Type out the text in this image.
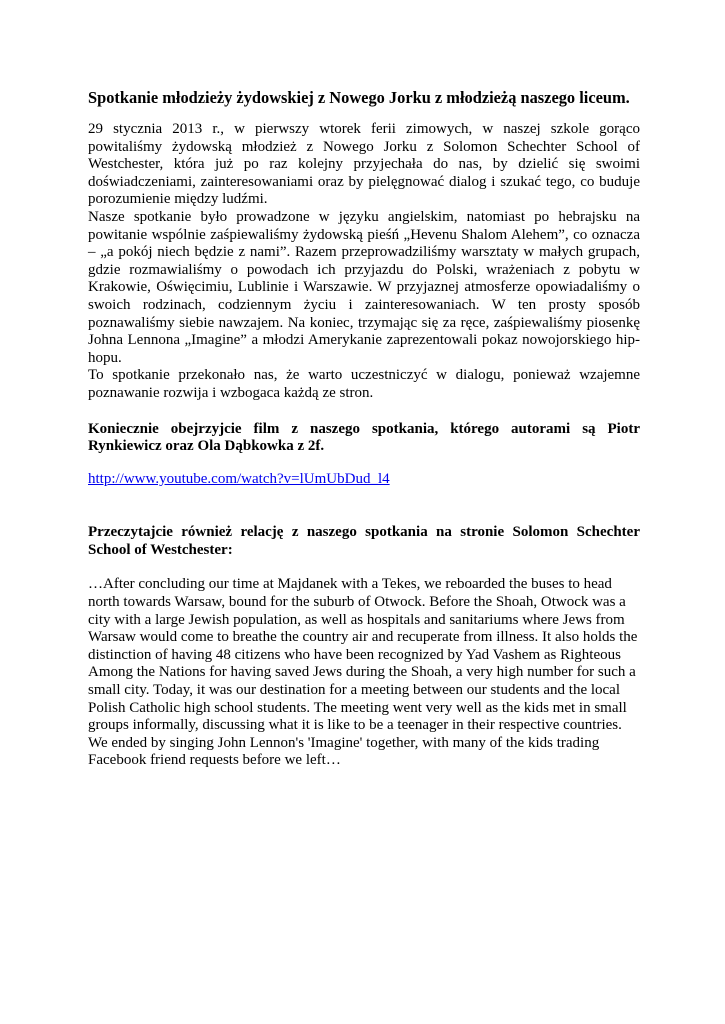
Spotkanie młodzieży żydowskiej z Nowego Jorku z młodzieżą naszego liceum.

29 stycznia 2013 r., w pierwszy wtorek ferii zimowych, w naszej szkole gorąco powitaliśmy żydowską młodzież z Nowego Jorku z Solomon Schechter School of Westchester, która już po raz kolejny przyjechała do nas, by dzielić się swoimi doświadczeniami, zainteresowaniami oraz by pielęgnować dialog i szukać tego, co buduje porozumienie między ludźmi.

Nasze spotkanie było prowadzone w języku angielskim, natomiast po hebrajsku na powitanie wspólnie zaśpiewaliśmy żydowską pieśń „Hevenu Shalom Alehem”, co oznacza – „a pokój niech będzie z nami”. Razem przeprowadziliśmy warsztaty w małych grupach, gdzie rozmawialiśmy o powodach ich przyjazdu do Polski, wrażeniach z pobytu w Krakowie, Oświęcimiu, Lublinie i Warszawie. W przyjaznej atmosferze opowiadaliśmy o swoich rodzinach, codziennym życiu i zainteresowaniach. W ten prosty sposób poznawaliśmy siebie nawzajem. Na koniec, trzymając się za ręce, zaśpiewaliśmy piosenkę Johna Lennona „Imagine” a młodzi Amerykanie zaprezentowali pokaz nowojorskiego hip-hopu.

To spotkanie przekonało nas, że warto uczestniczyć w dialogu, ponieważ wzajemne poznawanie rozwija i wzbogaca każdą ze stron.

Koniecznie obejrzyjcie film z naszego spotkania, którego autorami są Piotr Rynkiewicz oraz Ola Dąbkowka z 2f.

http://www.youtube.com/watch?v=lUmUbDud_l4

Przeczytajcie również relację z naszego spotkania na stronie Solomon Schechter School of Westchester:

…After concluding our time at Majdanek with a Tekes, we reboarded the buses to head north towards Warsaw, bound for the suburb of Otwock. Before the Shoah, Otwock was a city with a large Jewish population, as well as hospitals and sanitariums where Jews from Warsaw would come to breathe the country air and recuperate from illness. It also holds the distinction of having 48 citizens who have been recognized by Yad Vashem as Righteous Among the Nations for having saved Jews during the Shoah, a very high number for such a small city. Today, it was our destination for a meeting between our students and the local Polish Catholic high school students. The meeting went very well as the kids met in small groups informally, discussing what it is like to be a teenager in their respective countries. We ended by singing John Lennon's 'Imagine' together, with many of the kids trading Facebook friend requests before we left…
